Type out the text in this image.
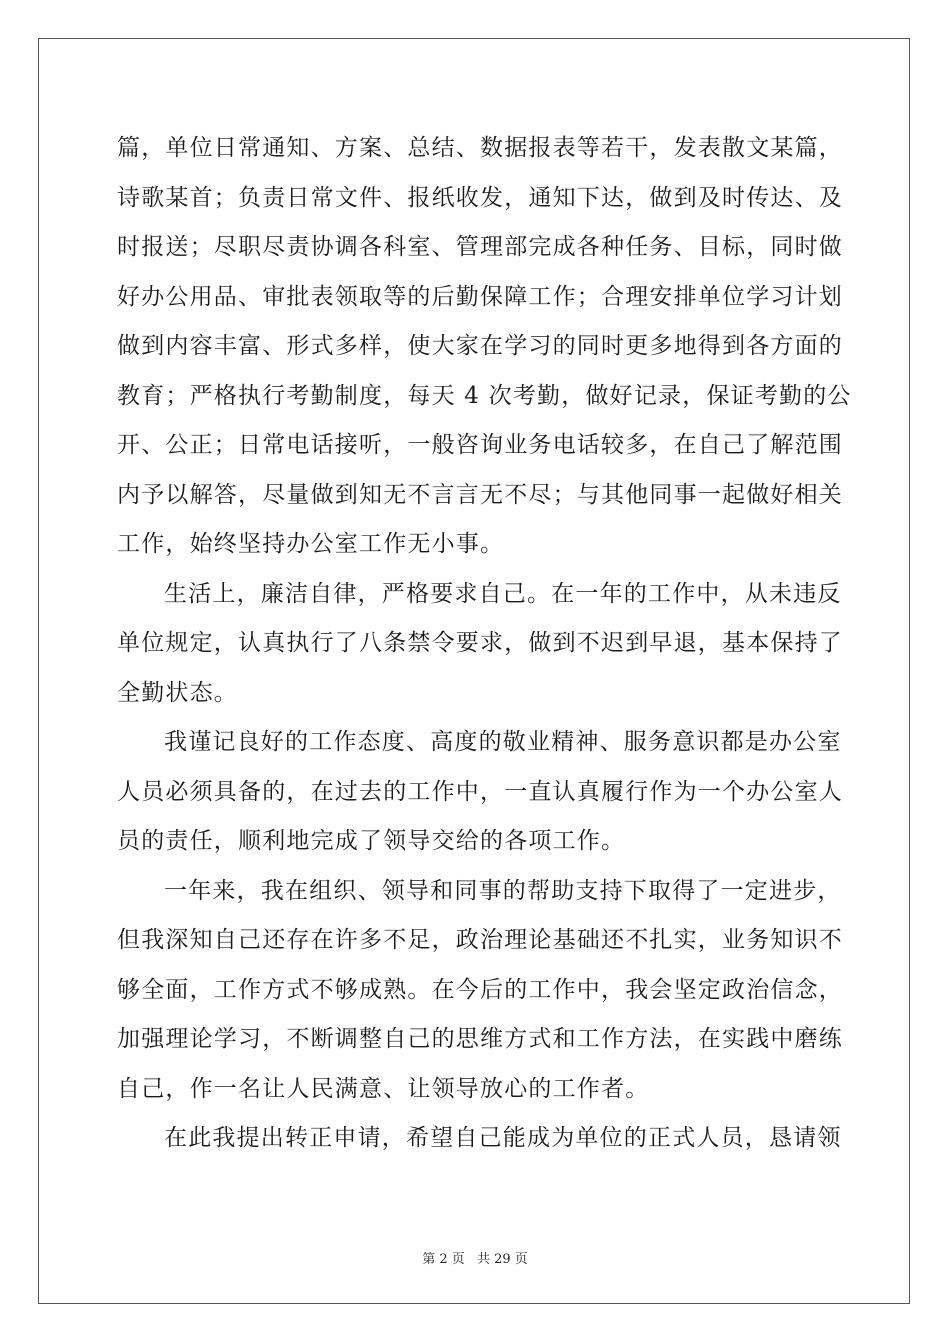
篇，单位日常通知、方案、总结、数据报表等若干，发表散文某篇，
诗歌某首；负责日常文件、报纸收发，通知下达，做到及时传达、及
时报送；尽职尽责协调各科室、管理部完成各种任务、目标，同时做
好办公用品、审批表领取等的后勤保障工作；合理安排单位学习计划
做到内容丰富、形式多样，使大家在学习的同时更多地得到各方面的
教育；严格执行考勤制度，每天 4 次考勤，做好记录，保证考勤的公
开、公正；日常电话接听，一般咨询业务电话较多，在自己了解范围
内予以解答，尽量做到知无不言言无不尽；与其他同事一起做好相关
工作，始终坚持办公室工作无小事。
生活上，廉洁自律，严格要求自己。在一年的工作中，从未违反
单位规定，认真执行了八条禁令要求，做到不迟到早退，基本保持了
全勤状态。
我谨记良好的工作态度、高度的敬业精神、服务意识都是办公室
人员必须具备的，在过去的工作中，一直认真履行作为一个办公室人
员的责任，顺利地完成了领导交给的各项工作。
一年来，我在组织、领导和同事的帮助支持下取得了一定进步，
但我深知自己还存在许多不足，政治理论基础还不扎实，业务知识不
够全面，工作方式不够成熟。在今后的工作中，我会坚定政治信念，
加强理论学习，不断调整自己的思维方式和工作方法，在实践中磨练
自己，作一名让人民满意、让领导放心的工作者。
在此我提出转正申请，希望自己能成为单位的正式人员，恳请领
第 2 页 共 29 页
